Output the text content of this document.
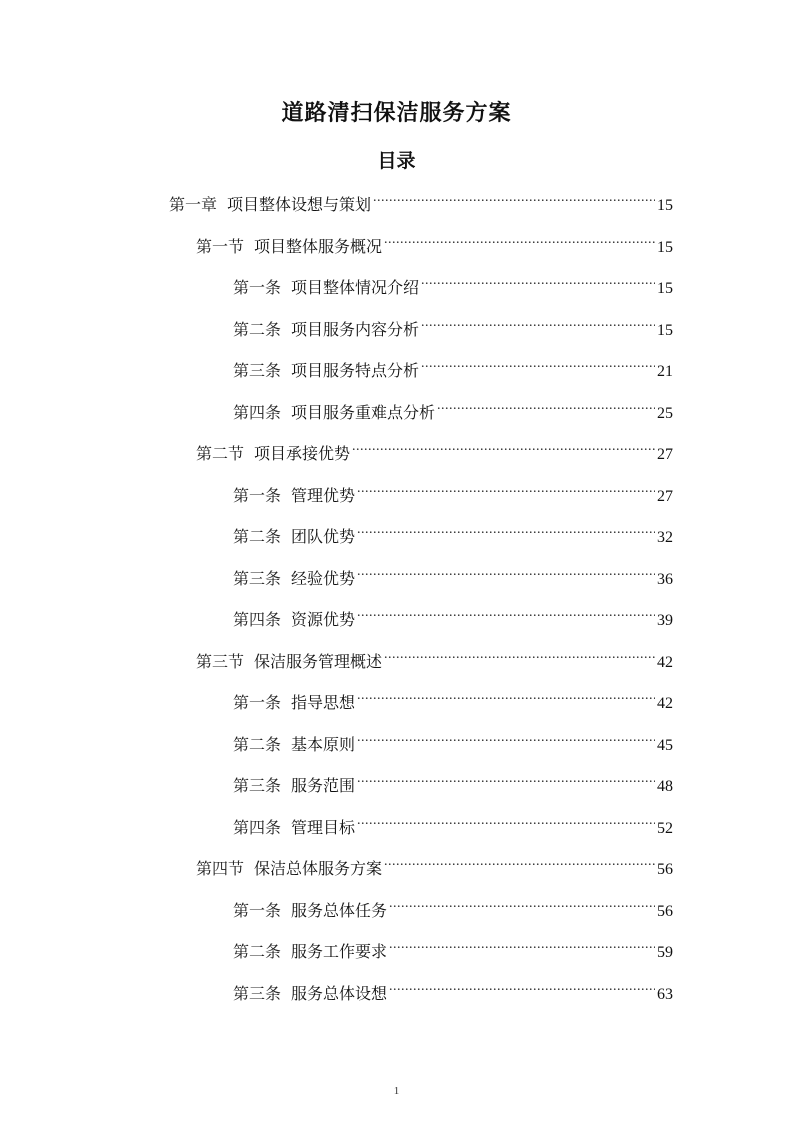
道路清扫保洁服务方案
目录
第一章 项目整体设想与策划 .....	15
第一节 项目整体服务概况 .....	15
第一条 项目整体情况介绍 .....	15
第二条 项目服务内容分析 .....	15
第三条 项目服务特点分析 .....	21
第四条 项目服务重难点分析 .....	25
第二节 项目承接优势 .....	27
第一条 管理优势 .....	27
第二条 团队优势 .....	32
第三条 经验优势 .....	36
第四条 资源优势 .....	39
第三节 保洁服务管理概述 .....	42
第一条 指导思想 .....	42
第二条 基本原则 .....	45
第三条 服务范围 .....	48
第四条 管理目标 .....	52
第四节 保洁总体服务方案 .....	56
第一条 服务总体任务 .....	56
第二条 服务工作要求 .....	59
第三条 服务总体设想 .....	63
1
